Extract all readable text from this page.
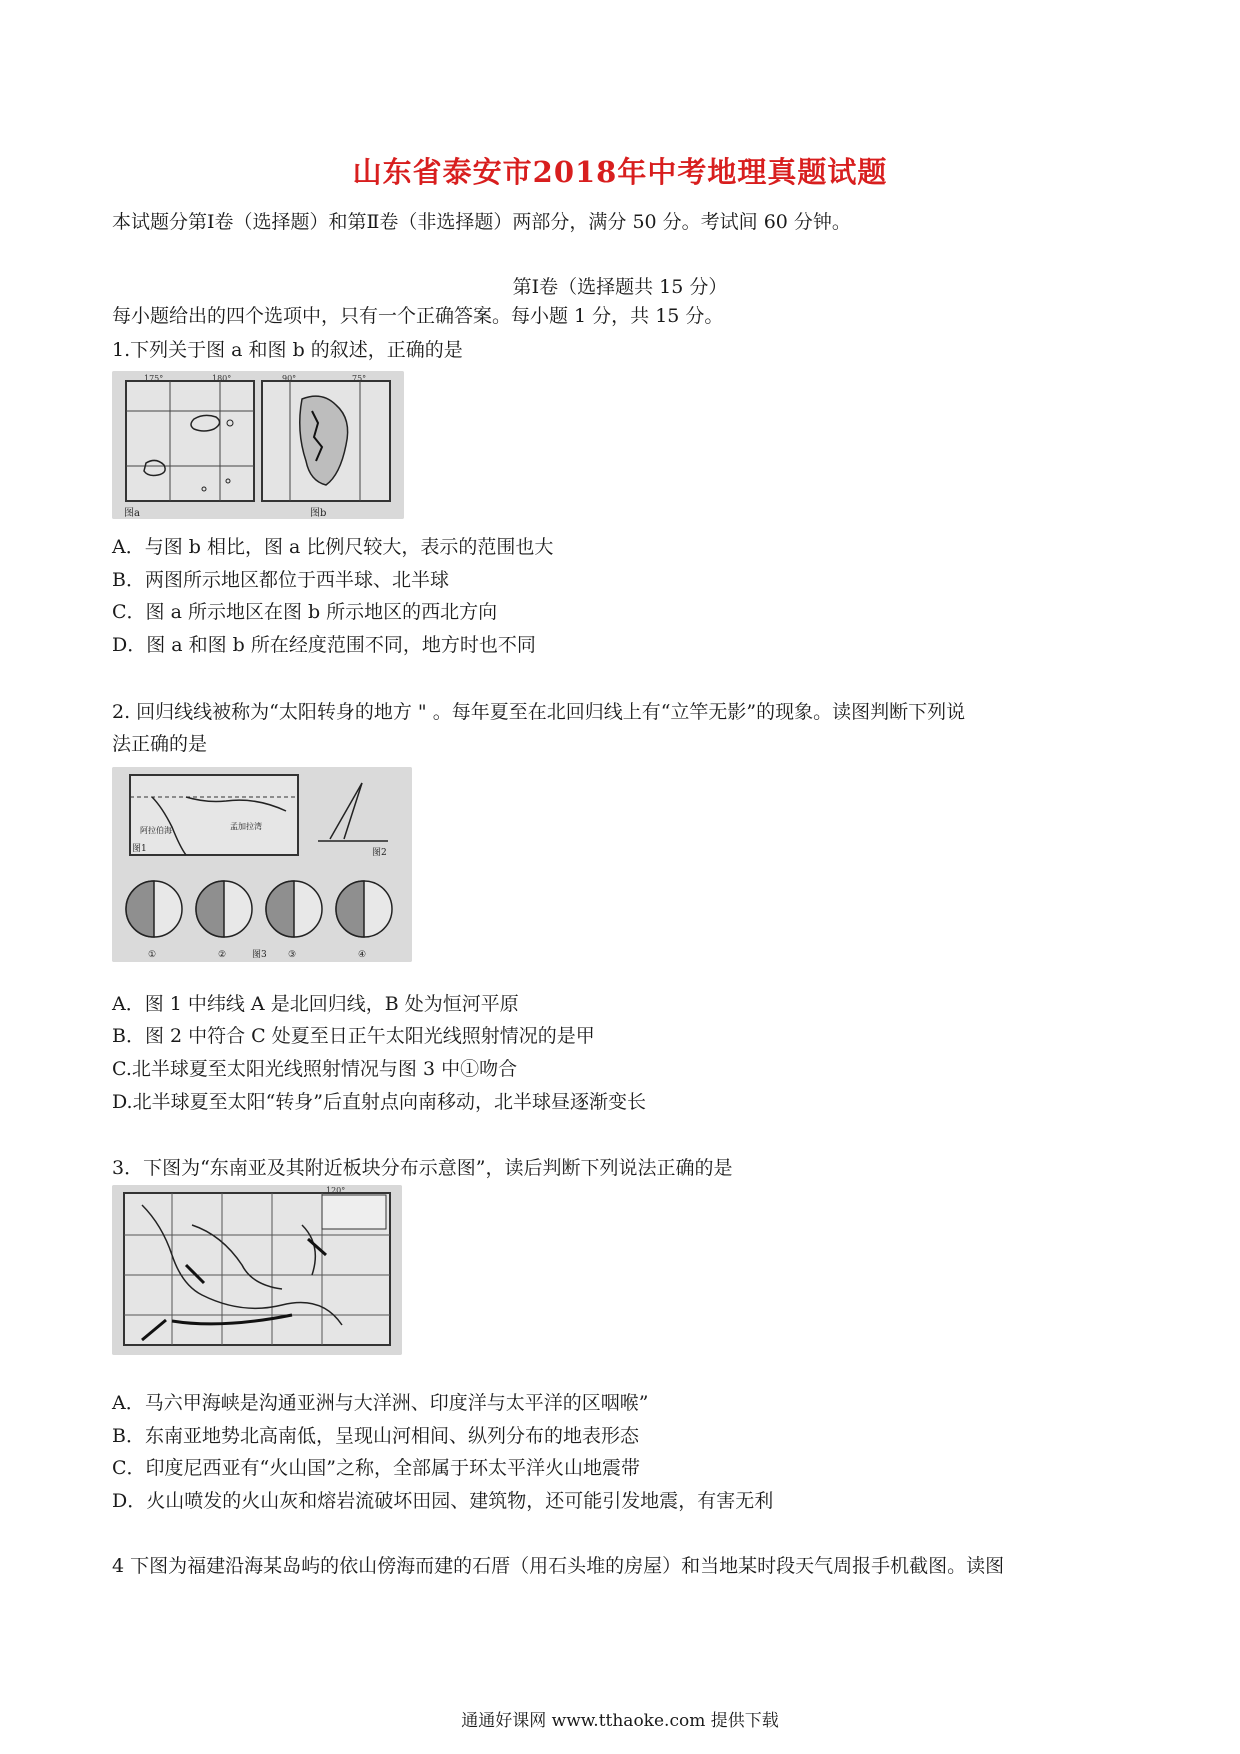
山东省泰安市2018年中考地理真题试题
本试题分第Ⅰ卷（选择题）和第Ⅱ卷（非选择题）两部分，满分 50 分。考试间 60 分钟。
第Ⅰ卷（选择题共 15 分）
每小题给出的四个选项中，只有一个正确答案。每小题 1 分，共 15 分。
1.下列关于图 a 和图 b 的叙述，正确的是
图a	图b
175°	180°	90°	75°
A．与图 b 相比，图 a 比例尺较大，表示的范围也大
B．两图所示地区都位于西半球、北半球
C．图 a 所示地区在图 b 所示地区的西北方向
D．图 a 和图 b 所在经度范围不同，地方时也不同
2. 回归线线被称为“太阳转身的地方 " 。每年夏至在北回归线上有“立竿无影”的现象。读图判断下列说
法正确的是
孟加拉湾
阿拉伯海
图1	图2
①	②	③	④
图3
A．图 1 中纬线 A 是北回归线，B 处为恒河平原
B．图 2 中符合 C 处夏至日正午太阳光线照射情况的是甲
C.北半球夏至太阳光线照射情况与图 3 中①吻合
D.北半球夏至太阳“转身”后直射点向南移动，北半球昼逐渐变长
3．下图为“东南亚及其附近板块分布示意图”，读后判断下列说法正确的是
120°
A．马六甲海峡是沟通亚洲与大洋洲、印度洋与太平洋的区咽喉”
B．东南亚地势北高南低，呈现山河相间、纵列分布的地表形态
C．印度尼西亚有“火山国”之称，全部属于环太平洋火山地震带
D．火山喷发的火山灰和熔岩流破坏田园、建筑物，还可能引发地震，有害无利
4 下图为福建沿海某岛屿的依山傍海而建的石厝（用石头堆的房屋）和当地某时段天气周报手机截图。读图
通通好课网 www.tthaoke.com 提供下载
